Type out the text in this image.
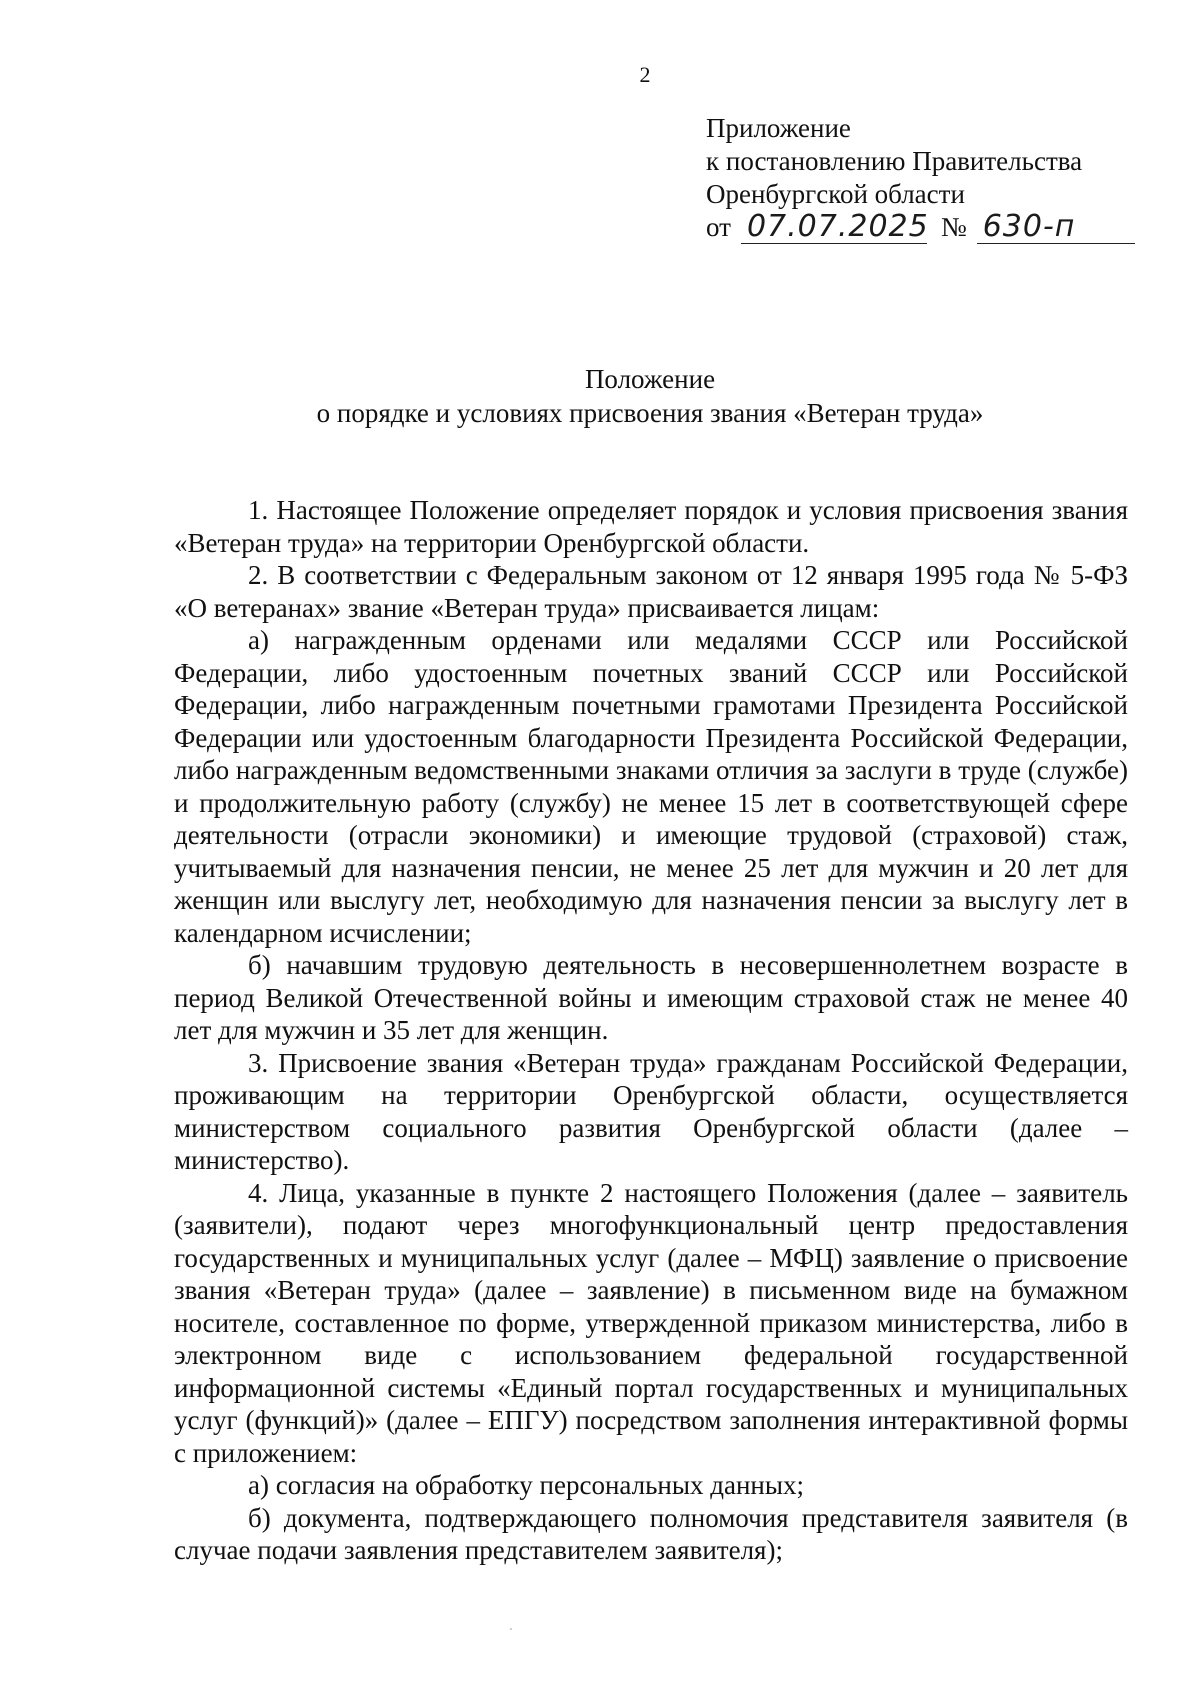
2
Приложение
к постановлению Правительства
Оренбургской области
от 07.07.2025 № 630-п
Положение
о порядке и условиях присвоения звания «Ветеран труда»

1. Настоящее Положение определяет порядок и условия присвоения звания «Ветеран труда» на территории Оренбургской области.

2. В соответствии с Федеральным законом от 12 января 1995 года № 5-ФЗ «О ветеранах» звание «Ветеран труда» присваивается лицам:

а) награжденным орденами или медалями СССР или Российской Федерации, либо удостоенным почетных званий СССР или Российской Федерации, либо награжденным почетными грамотами Президента Российской Федерации или удостоенным благодарности Президента Российской Федерации, либо награжденным ведомственными знаками отличия за заслуги в труде (службе) и продолжительную работу (службу) не менее 15 лет в соответствующей сфере деятельности (отрасли экономики) и имеющие трудовой (страховой) стаж, учитываемый для назначения пенсии, не менее 25 лет для мужчин и 20 лет для женщин или выслугу лет, необходимую для назначения пенсии за выслугу лет в календарном исчислении;

б) начавшим трудовую деятельность в несовершеннолетнем возрасте в период Великой Отечественной войны и имеющим страховой стаж не менее 40 лет для мужчин и 35 лет для женщин.

3. Присвоение звания «Ветеран труда» гражданам Российской Федерации, проживающим на территории Оренбургской области, осуществляется министерством социального развития Оренбургской области (далее – министерство).

4. Лица, указанные в пункте 2 настоящего Положения (далее – заявитель (заявители), подают через многофункциональный центр предоставления государственных и муниципальных услуг (далее – МФЦ) заявление о присвоение звания «Ветеран труда» (далее – заявление) в письменном виде на бумажном носителе, составленное по форме, утвержденной приказом министерства, либо в электронном виде с использованием федеральной государственной информационной системы «Единый портал государственных и муниципальных услуг (функций)» (далее – ЕПГУ) посредством заполнения интерактивной формы с приложением:

а) согласия на обработку персональных данных;

б) документа, подтверждающего полномочия представителя заявителя (в случае подачи заявления представителем заявителя);
